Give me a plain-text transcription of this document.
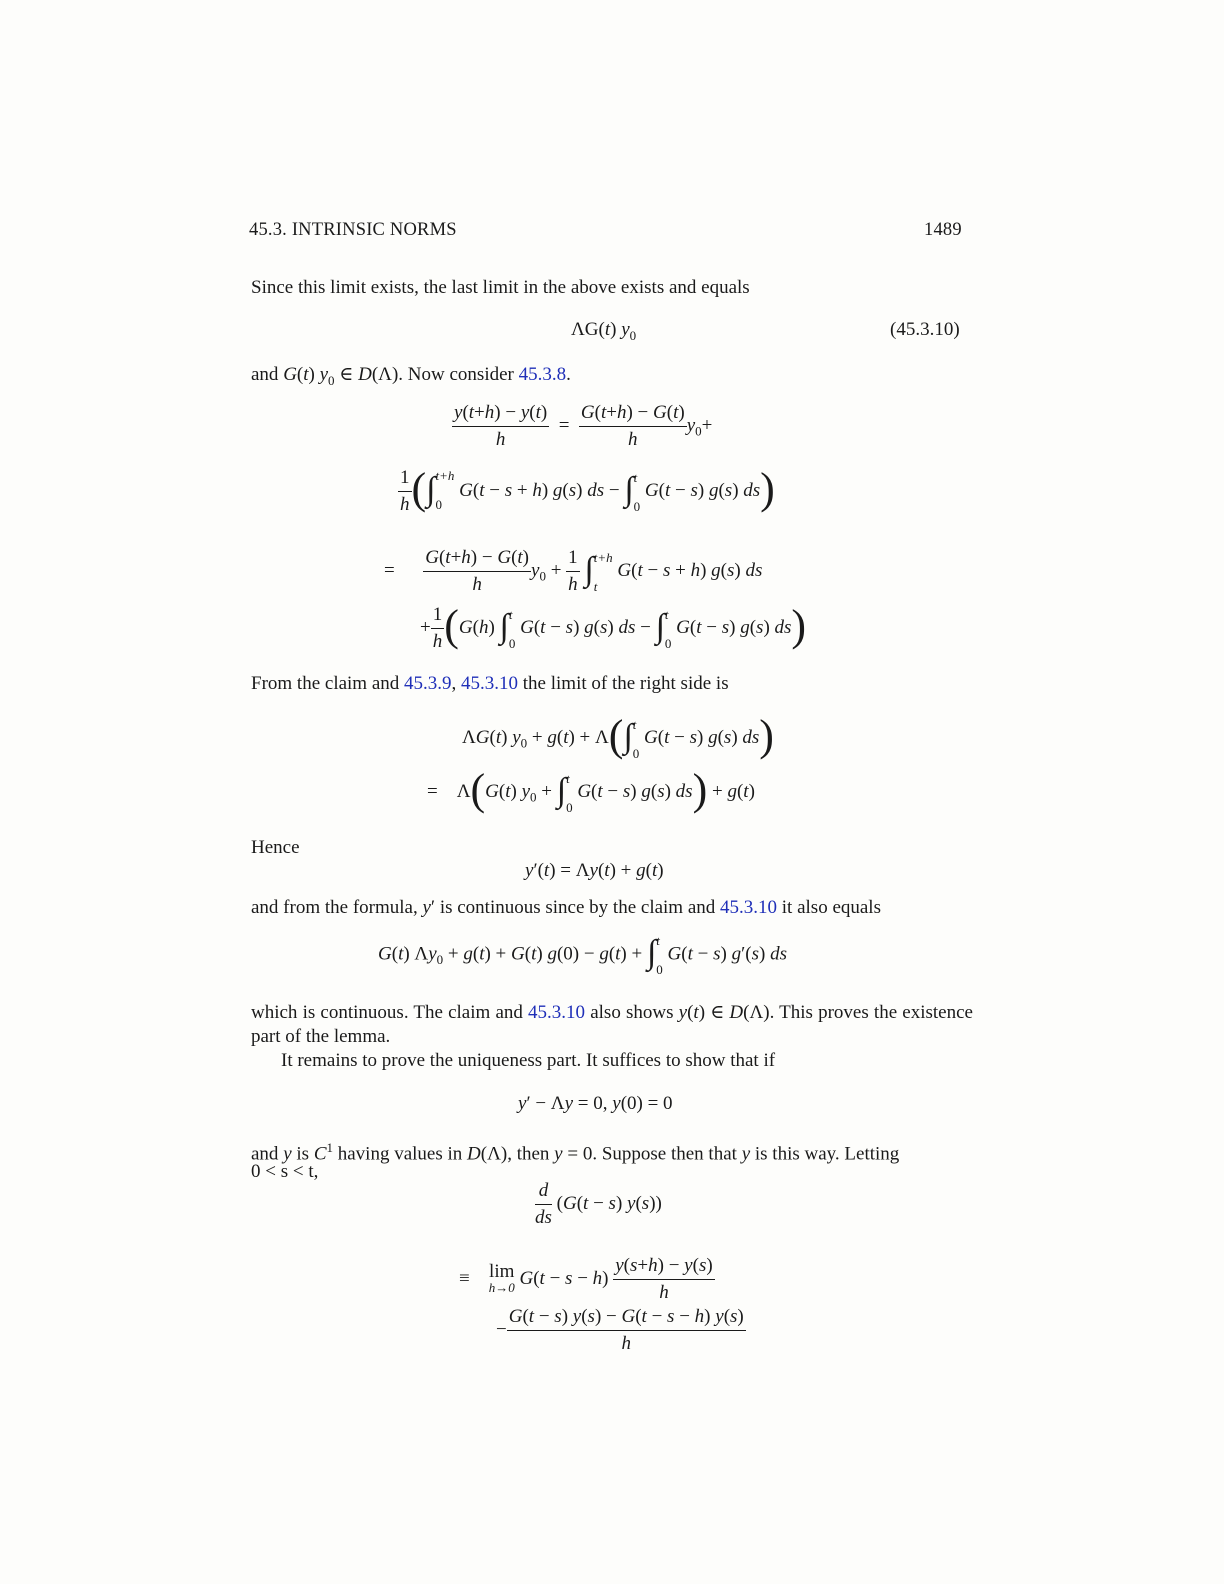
45.3. INTRINSIC NORMS	1489
Since this limit exists, the last limit in the above exists and equals
ΛG(t) $y_0$	(45.3.10)
and G(t) $y_0$ ∈ D(Λ). Now consider 45.3.8.
$\frac{y(t+h) - y(t)}{h} = \frac{G(t+h) - G(t)}{h} y_0+$
$\frac{1}{h}$ (∫ t+h
0
G(t − s + h) g(s) ds − ∫ t
0
G(t − s) g(s) ds)
= $\frac{G(t+h) - G(t)}{h} y_0 + \frac{1}{h}$ ∫ t+h
t
G(t − s + h) g(s) ds
+ $\frac{1}{h} (G(h)$ ∫ t
0
G(t − s) g(s) ds − ∫ t
0
G(t − s) g(s) ds)
From the claim and 45.3.9, 45.3.10 the limit of the right side is
ΛG(t) $y_0 + g(t) + \Lambda(\int$ t
0
G(t − s) g(s) ds)
=    Λ(G(t) $y_0$ + ∫ t
0
G(t − s) g(s) ds) + g(t)
Hence
y′(t) = Λy(t) + g(t)
and from the formula, y′ is continuous since by the claim and 45.3.10 it also equals
G(t) $\Lambda y_0 + g(t) + G(t) g(0) - g(t)$ + ∫ t
0
G(t − s) g′(s) ds
which is continuous. The claim and 45.3.10 also shows y(t) ∈ D(Λ). This proves the existence part of the lemma.
It remains to prove the uniqueness part. It suffices to show that if
y′ − Λy = 0, y(0) = 0
and y is $C^1$ having values in D(Λ), then y = 0. Suppose then that y is this way. Letting
0 < s < t,
$\frac{d}{ds} (G(t - s)$ y(s))
≡ lim
h→0 $G(t - s - h) \frac{y(s+h) - y(s)}{h}$
− $\frac{G(t - s) y(s) - G(t - s - h) y(s)}{h}$
